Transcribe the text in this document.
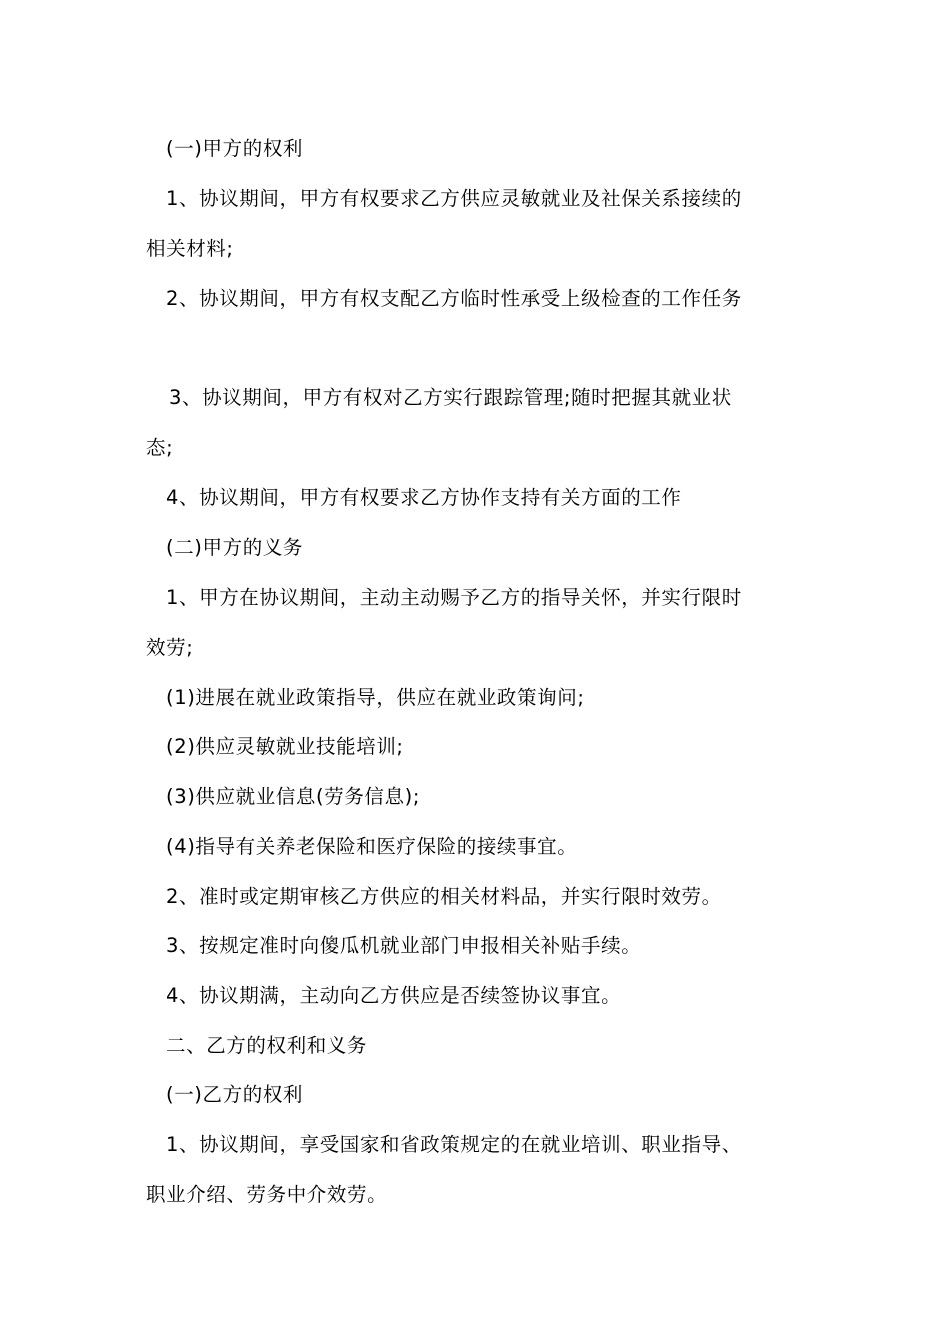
(一)甲方的权利
1、协议期间，甲方有权要求乙方供应灵敏就业及社保关系接续的
相关材料;
2、协议期间，甲方有权支配乙方临时性承受上级检查的工作任务
3、协议期间，甲方有权对乙方实行跟踪管理;随时把握其就业状
态;
4、协议期间，甲方有权要求乙方协作支持有关方面的工作
(二)甲方的义务
1、甲方在协议期间，主动主动赐予乙方的指导关怀，并实行限时
效劳;
(1)进展在就业政策指导，供应在就业政策询问;
(2)供应灵敏就业技能培训;
(3)供应就业信息(劳务信息);
(4)指导有关养老保险和医疗保险的接续事宜。
2、准时或定期审核乙方供应的相关材料品，并实行限时效劳。
3、按规定准时向傻瓜机就业部门申报相关补贴手续。
4、协议期满，主动向乙方供应是否续签协议事宜。
二、乙方的权利和义务
(一)乙方的权利
1、协议期间，享受国家和省政策规定的在就业培训、职业指导、
职业介绍、劳务中介效劳。
